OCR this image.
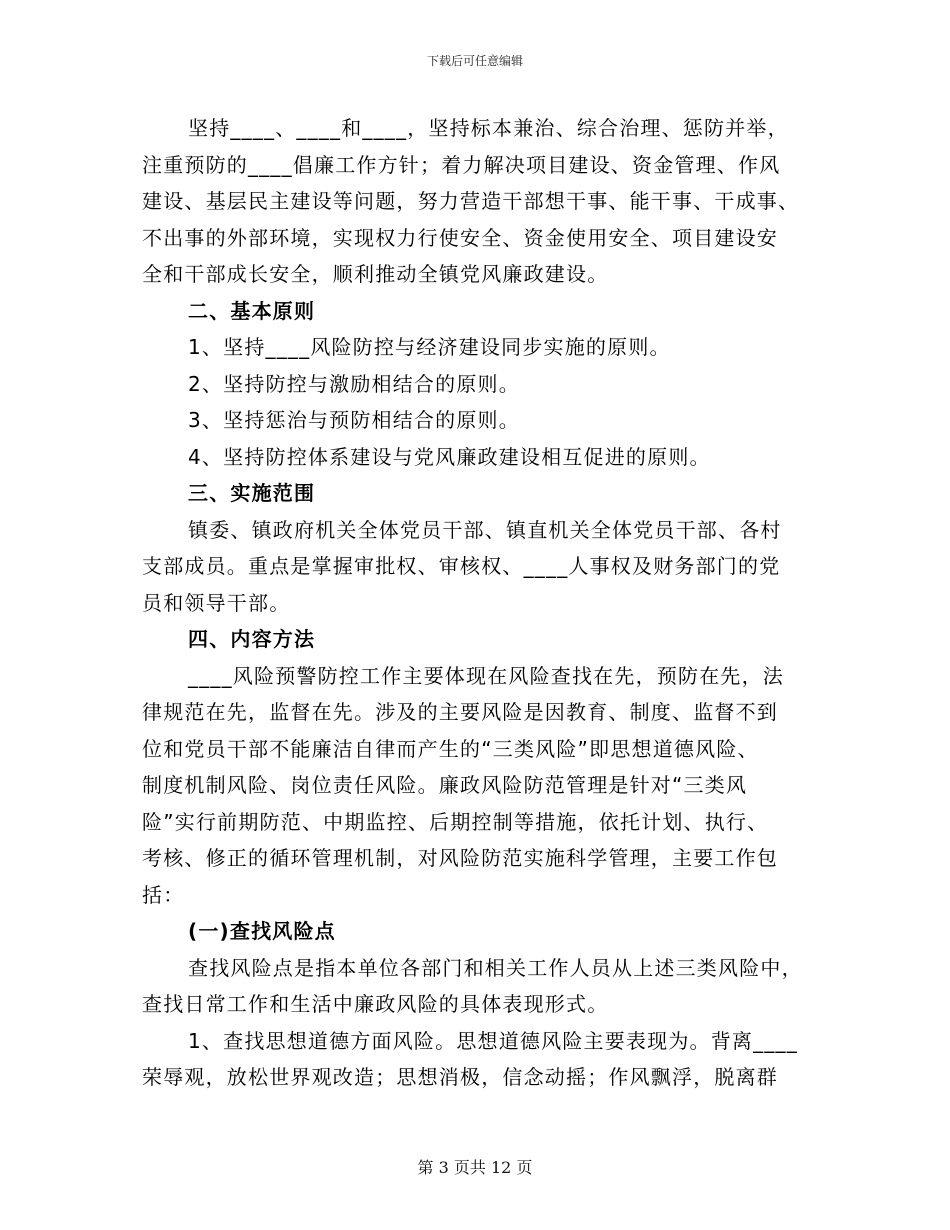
下载后可任意编辑
坚持____、____和____，坚持标本兼治、综合治理、惩防并举，
注重预防的____倡廉工作方针；着力解决项目建设、资金管理、作风
建设、基层民主建设等问题，努力营造干部想干事、能干事、干成事、
不出事的外部环境，实现权力行使安全、资金使用安全、项目建设安
全和干部成长安全，顺利推动全镇党风廉政建设。
二、基本原则
1、坚持____风险防控与经济建设同步实施的原则。
2、坚持防控与激励相结合的原则。
3、坚持惩治与预防相结合的原则。
4、坚持防控体系建设与党风廉政建设相互促进的原则。
三、实施范围
镇委、镇政府机关全体党员干部、镇直机关全体党员干部、各村
支部成员。重点是掌握审批权、审核权、____人事权及财务部门的党
员和领导干部。
四、内容方法
____风险预警防控工作主要体现在风险查找在先，预防在先，法
律规范在先，监督在先。涉及的主要风险是因教育、制度、监督不到
位和党员干部不能廉洁自律而产生的“三类风险”即思想道德风险、
制度机制风险、岗位责任风险。廉政风险防范管理是针对“三类风
险”实行前期防范、中期监控、后期控制等措施，依托计划、执行、
考核、修正的循环管理机制，对风险防范实施科学管理，主要工作包
括：
(一)查找风险点
查找风险点是指本单位各部门和相关工作人员从上述三类风险中，
查找日常工作和生活中廉政风险的具体表现形式。
1、查找思想道德方面风险。思想道德风险主要表现为。背离____
荣辱观，放松世界观改造；思想消极，信念动摇；作风飘浮，脱离群
第 3 页共 12 页
